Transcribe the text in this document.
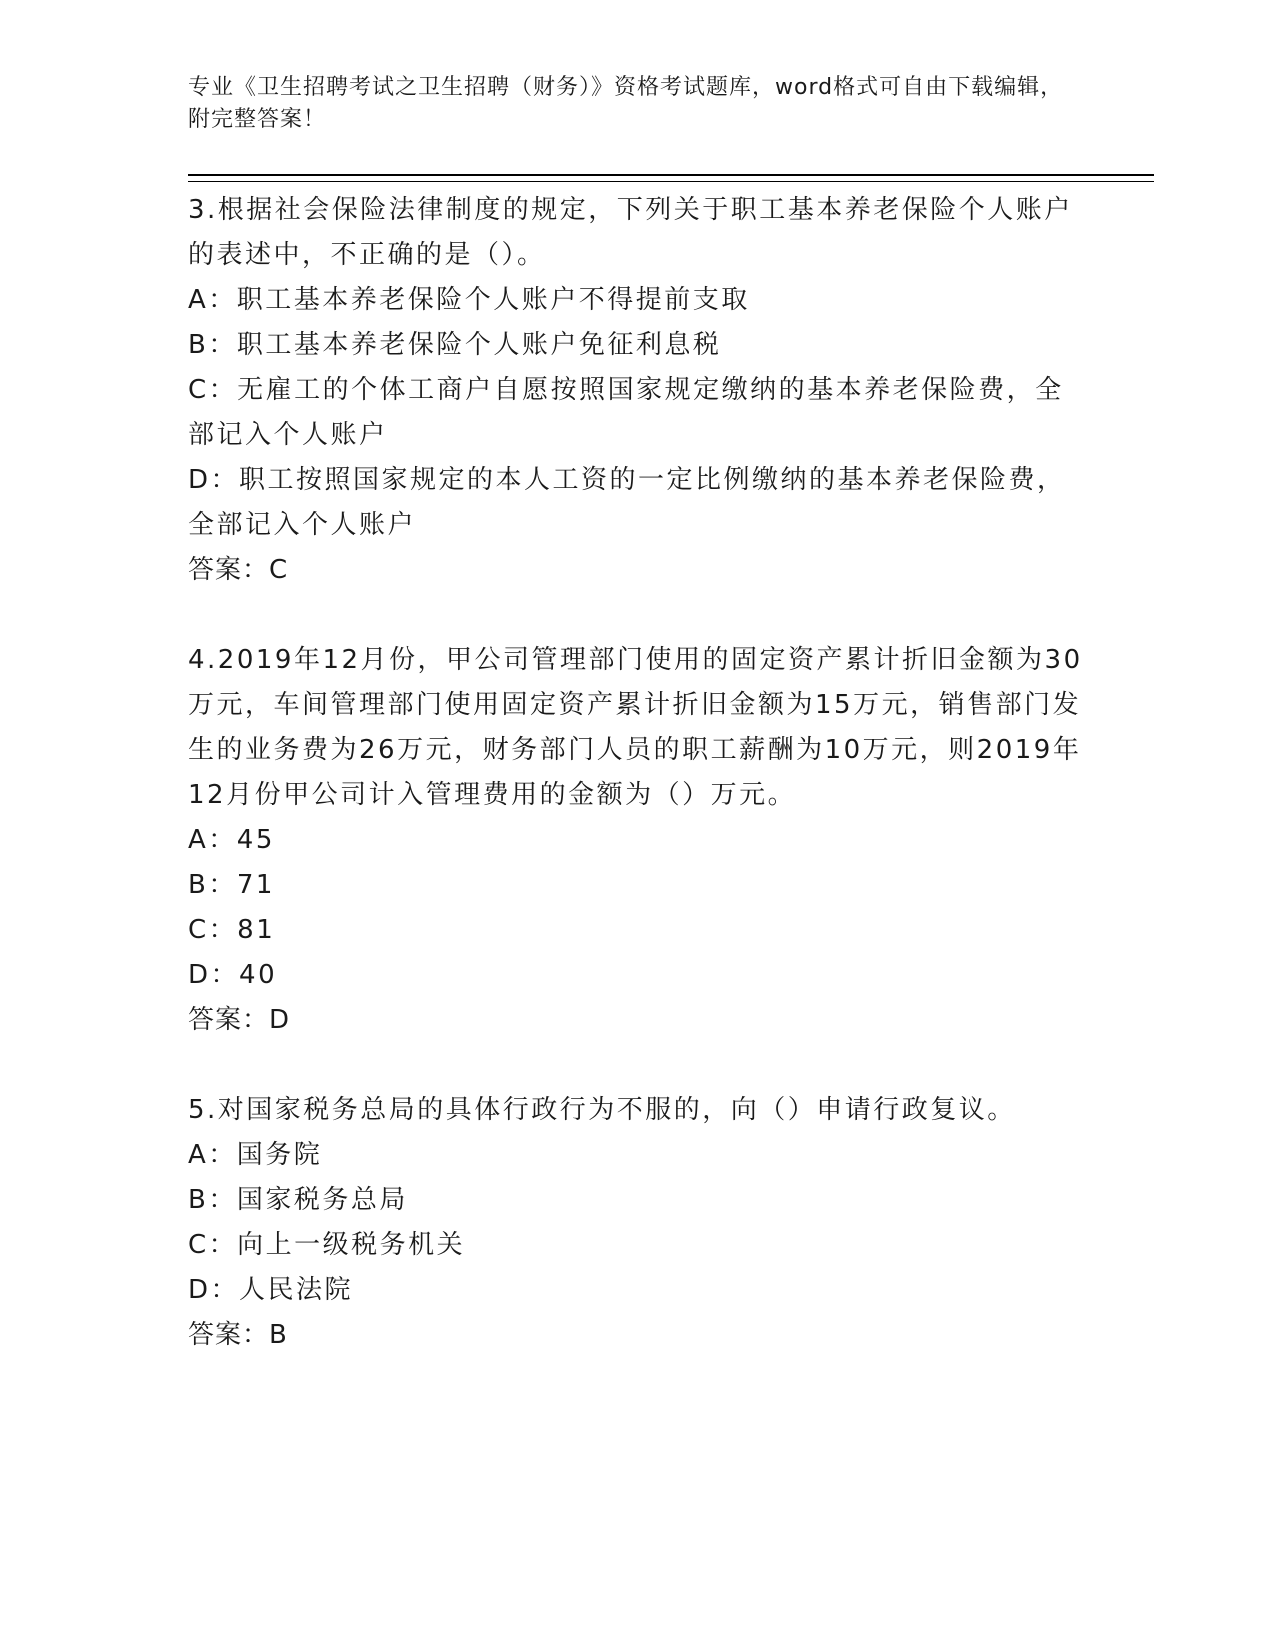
专业《卫生招聘考试之卫生招聘（财务）》资格考试题库，word格式可自由下载编辑，附完整答案！

3.根据社会保险法律制度的规定，下列关于职工基本养老保险个人账户的表述中，不正确的是（）。

A：职工基本养老保险个人账户不得提前支取

B：职工基本养老保险个人账户免征利息税

C：无雇工的个体工商户自愿按照国家规定缴纳的基本养老保险费，全部记入个人账户

D：职工按照国家规定的本人工资的一定比例缴纳的基本养老保险费，全部记入个人账户

答案：C

4.2019年12月份，甲公司管理部门使用的固定资产累计折旧金额为30万元，车间管理部门使用固定资产累计折旧金额为15万元，销售部门发生的业务费为26万元，财务部门人员的职工薪酬为10万元，则2019年12月份甲公司计入管理费用的金额为（）万元。

A：45

B：71

C：81

D：40

答案：D

5.对国家税务总局的具体行政行为不服的，向（）申请行政复议。

A：国务院

B：国家税务总局

C：向上一级税务机关

D：人民法院

答案：B
